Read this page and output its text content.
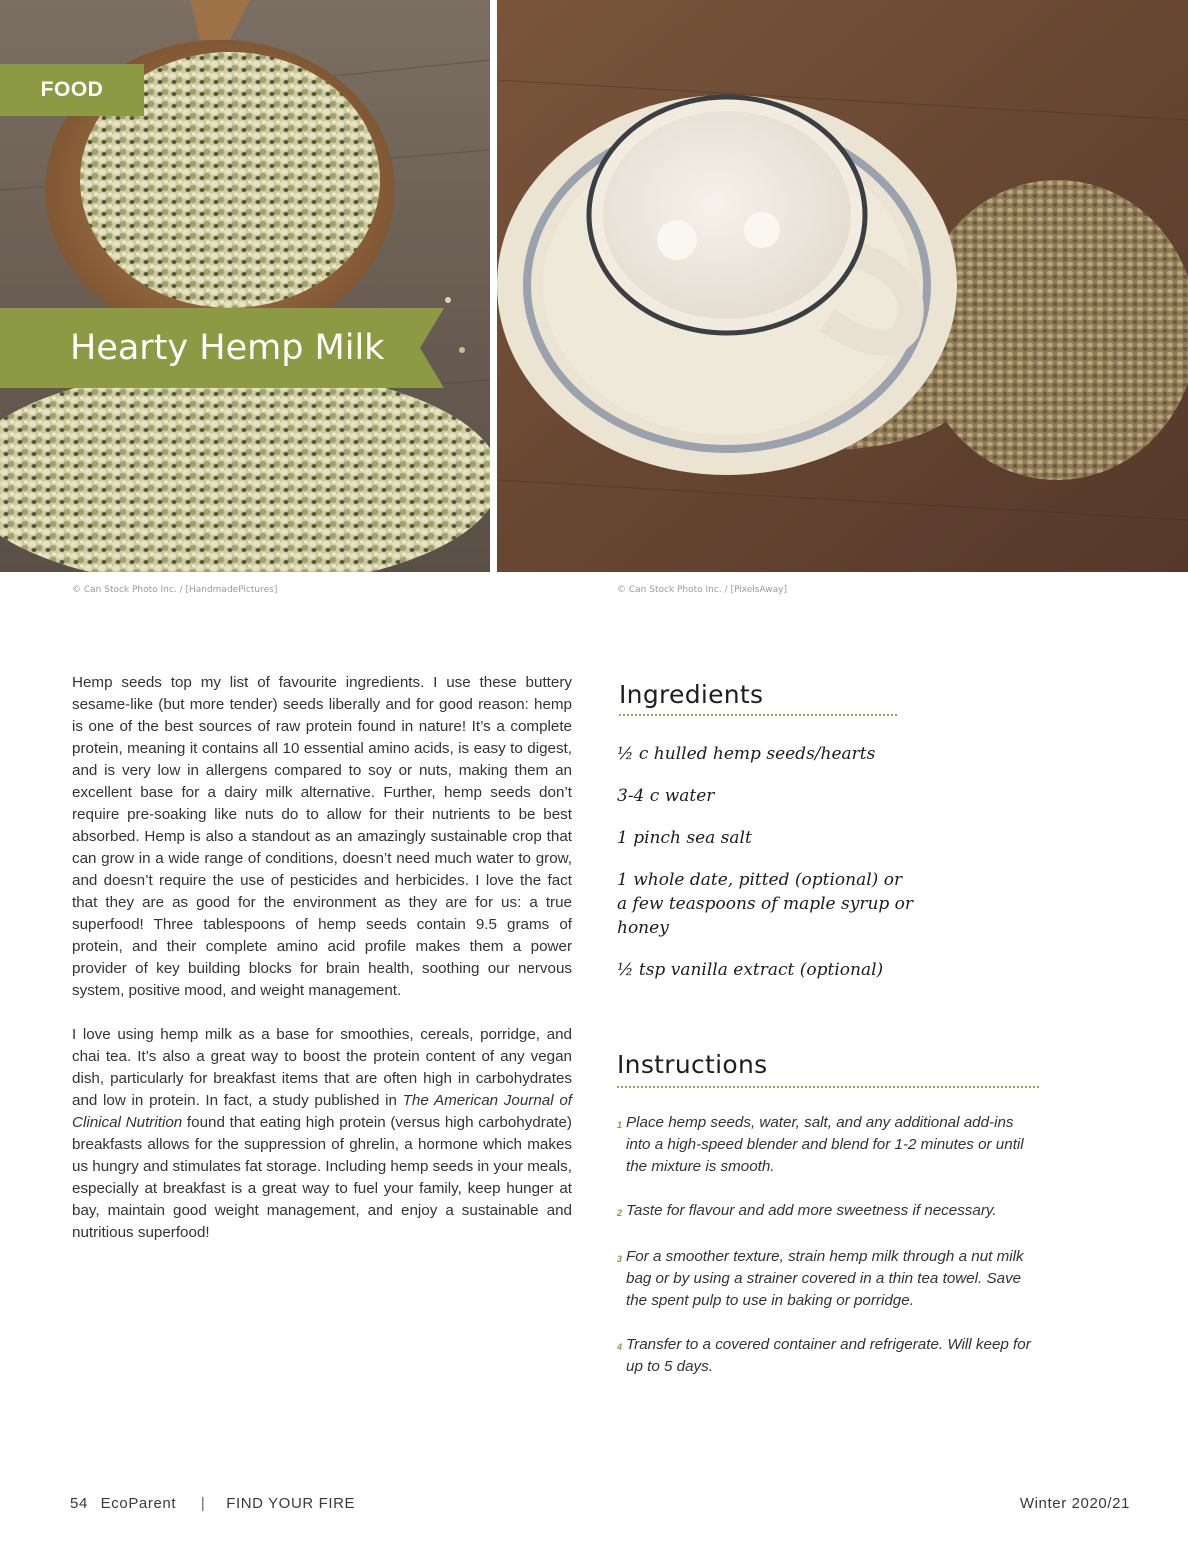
FOOD
Hearty Hemp Milk
© Can Stock Photo Inc. / [HandmadePictures]	© Can Stock Photo Inc. / [PixelsAway]

Hemp seeds top my list of favourite ingredients. I use these buttery sesame-like (but more tender) seeds liberally and for good reason: hemp is one of the best sources of raw protein found in nature! It’s a complete protein, meaning it contains all 10 essential amino acids, is easy to digest, and is very low in allergens compared to soy or nuts, making them an excellent base for a dairy milk alternative. Further, hemp seeds don’t require pre-soaking like nuts do to allow for their nutrients to be best absorbed. Hemp is also a standout as an amazingly sustainable crop that can grow in a wide range of conditions, doesn’t need much water to grow, and doesn’t require the use of pesticides and herbicides. I love the fact that they are as good for the environment as they are for us: a true superfood! Three tablespoons of hemp seeds contain 9.5 grams of protein, and their complete amino acid profile makes them a power provider of key building blocks for brain health, soothing our nervous system, positive mood, and weight management.

I love using hemp milk as a base for smoothies, cereals, porridge, and chai tea. It’s also a great way to boost the protein content of any vegan dish, particularly for breakfast items that are often high in carbohydrates and low in protein. In fact, a study published in The American Journal of Clinical Nutrition found that eating high protein (versus high carbohydrate) breakfasts allows for the suppression of ghrelin, a hormone which makes us hungry and stimulates fat storage. Including hemp seeds in your meals, especially at breakfast is a great way to fuel your family, keep hunger at bay, maintain good weight management, and enjoy a sustainable and nutritious superfood!

Ingredients
½ c hulled hemp seeds/hearts
3-4 c water
1 pinch sea salt
1 whole date, pitted (optional) or a few teaspoons of maple syrup or honey
½ tsp vanilla extract (optional)
Instructions
1 Place hemp seeds, water, salt, and any additional add-ins into a high-speed blender and blend for 1-2 minutes or until the mixture is smooth.
2 Taste for flavour and add more sweetness if necessary.
3 For a smoother texture, strain hemp milk through a nut milk bag or by using a strainer covered in a thin tea towel. Save the spent pulp to use in baking or porridge.
4 Transfer to a covered container and refrigerate. Will keep for up to 5 days.
54 EcoParent | FIND YOUR FIRE	Winter 2020/21
